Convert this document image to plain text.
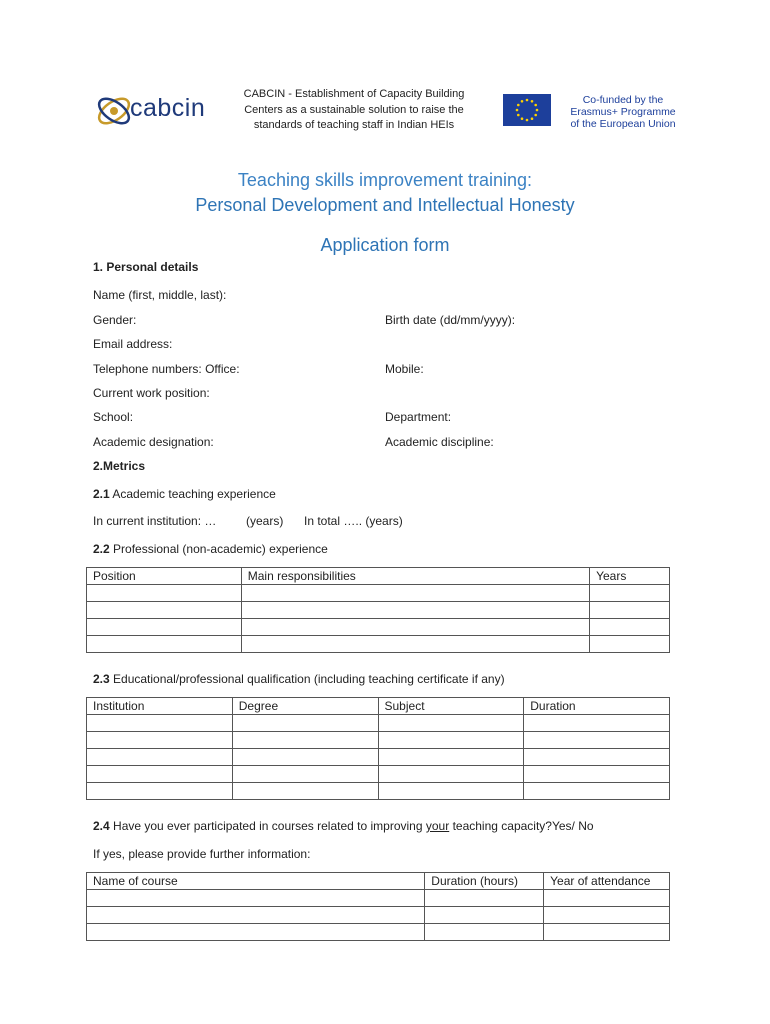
cabcin	CABCIN - Establishment of Capacity Building Centers as a sustainable solution to raise the standards of teaching staff in Indian HEIs
Co-funded by the
Erasmus+ Programme
of the European Union
Teaching skills improvement training:
Personal Development and Intellectual Honesty
Application form
1. Personal details
Name (first, middle, last):
Gender:	Birth date (dd/mm/yyyy):
Email address:
Telephone numbers: Office:	Mobile:
Current work position:
School:	Department:
Academic designation:	Academic discipline:
2.Metrics
2.1 Academic teaching experience
In current institution: … (years) In total ….. (years)
2.2 Professional (non-academic) experience
Position	Main responsibilities	Years

2.3 Educational/professional qualification (including teaching certificate if any)
Institution	Degree	Subject	Duration

2.4 Have you ever participated in courses related to improving your teaching capacity?Yes/ No
If yes, please provide further information:
Name of course	Duration (hours)	Year of attendance
